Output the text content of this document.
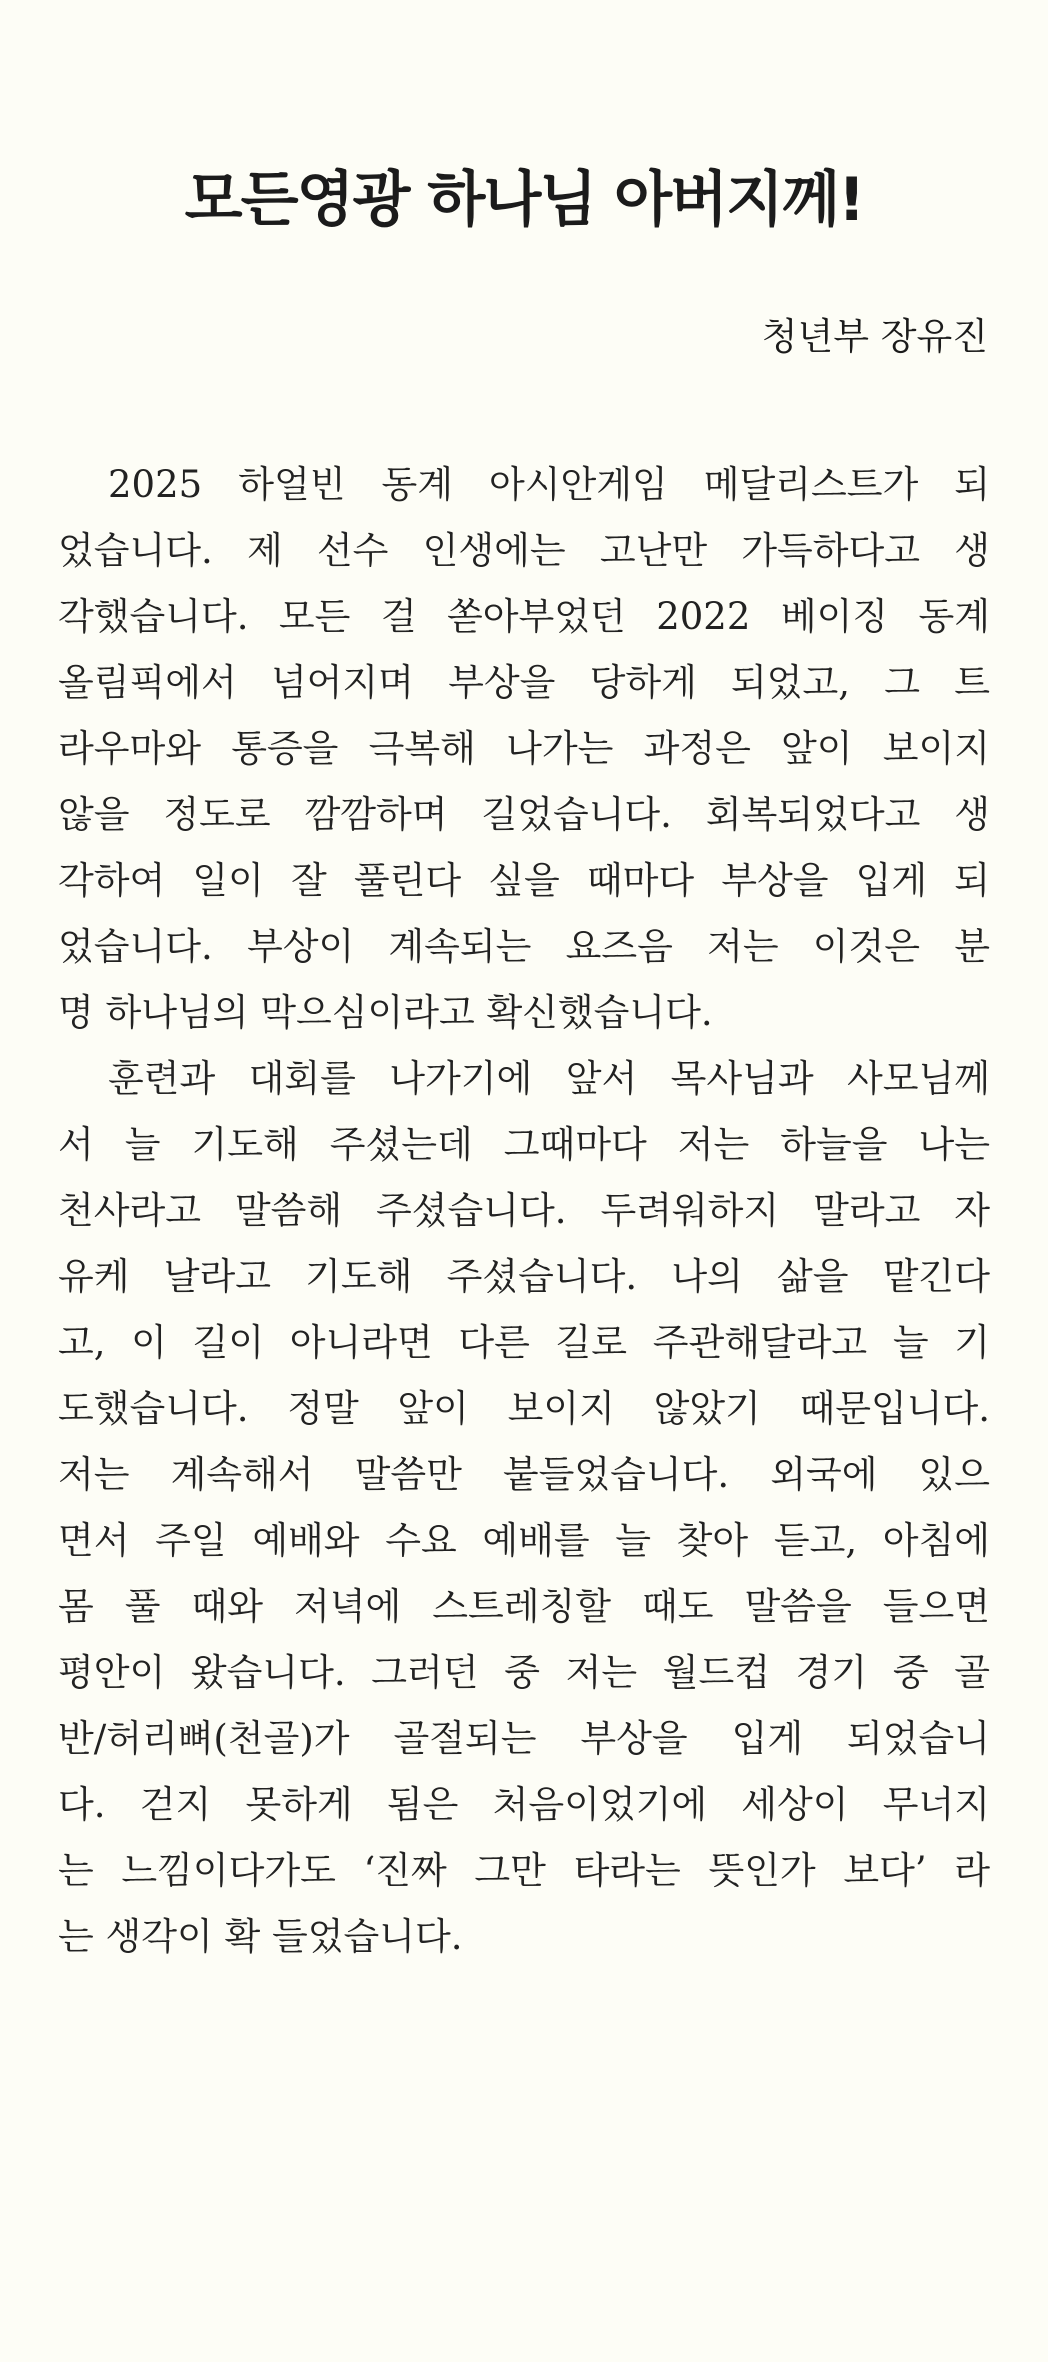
모든영광 하나님 아버지께!

청년부 장유진

2025 하얼빈 동계 아시안게임 메달리스트가 되
었습니다. 제 선수 인생에는 고난만 가득하다고 생
각했습니다. 모든 걸 쏟아부었던 2022 베이징 동계
올림픽에서 넘어지며 부상을 당하게 되었고, 그 트
라우마와 통증을 극복해 나가는 과정은 앞이 보이지
않을 정도로 깜깜하며 길었습니다. 회복되었다고 생
각하여 일이 잘 풀린다 싶을 때마다 부상을 입게 되
었습니다. 부상이 계속되는 요즈음 저는 이것은 분
명 하나님의 막으심이라고 확신했습니다.
훈련과 대회를 나가기에 앞서 목사님과 사모님께
서 늘 기도해 주셨는데 그때마다 저는 하늘을 나는
천사라고 말씀해 주셨습니다. 두려워하지 말라고 자
유케 날라고 기도해 주셨습니다. 나의 삶을 맡긴다
고, 이 길이 아니라면 다른 길로 주관해달라고 늘 기
도했습니다. 정말 앞이 보이지 않았기 때문입니다.
저는 계속해서 말씀만 붙들었습니다. 외국에 있으
면서 주일 예배와 수요 예배를 늘 찾아 듣고, 아침에
몸 풀 때와 저녁에 스트레칭할 때도 말씀을 들으면
평안이 왔습니다. 그러던 중 저는 월드컵 경기 중 골
반/허리뼈(천골)가 골절되는 부상을 입게 되었습니
다. 걷지 못하게 됨은 처음이었기에 세상이 무너지
는 느낌이다가도 ‘진짜 그만 타라는 뜻인가 보다’ 라
는 생각이 확 들었습니다.
